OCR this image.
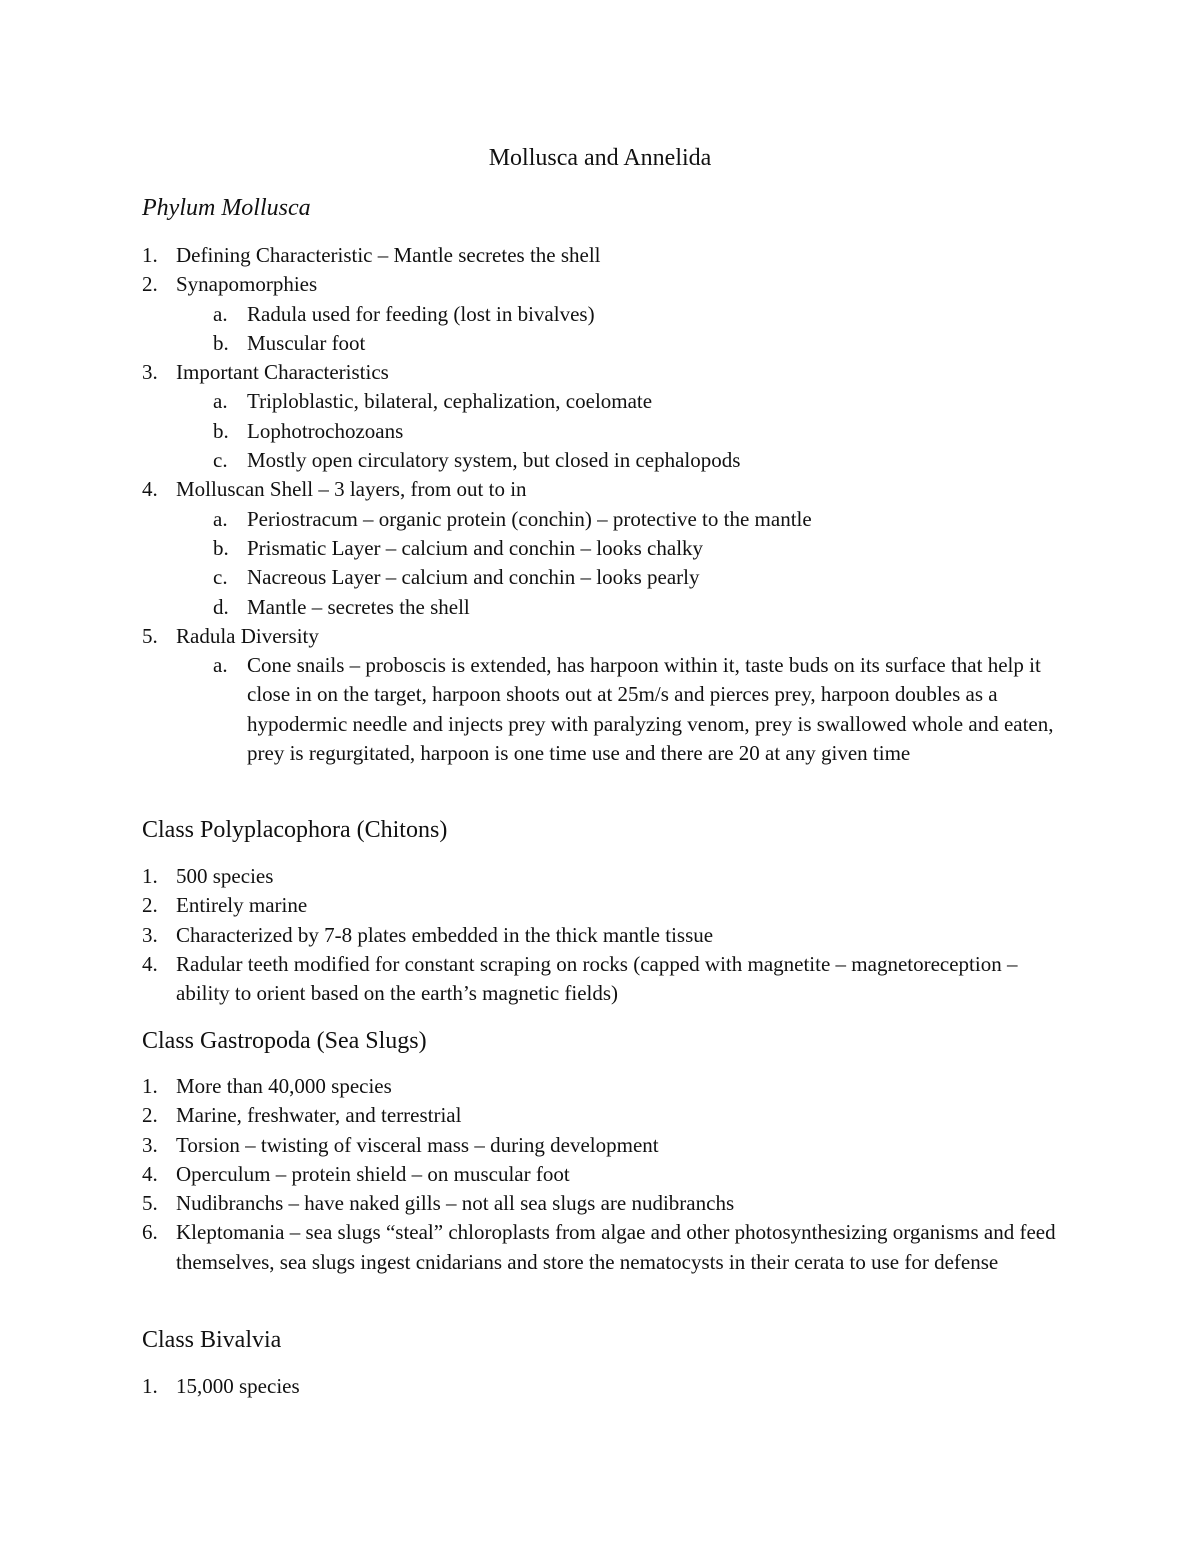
Mollusca and Annelida
Phylum Mollusca
1. Defining Characteristic – Mantle secretes the shell
2. Synapomorphies
a. Radula used for feeding (lost in bivalves)
b. Muscular foot
3. Important Characteristics
a. Triploblastic, bilateral, cephalization, coelomate
b. Lophotrochozoans
c. Mostly open circulatory system, but closed in cephalopods
4. Molluscan Shell – 3 layers, from out to in
a. Periostracum – organic protein (conchin) – protective to the mantle
b. Prismatic Layer – calcium and conchin – looks chalky
c. Nacreous Layer – calcium and conchin – looks pearly
d. Mantle – secretes the shell
5. Radula Diversity
a. Cone snails – proboscis is extended, has harpoon within it, taste buds on its surface that help it close in on the target, harpoon shoots out at 25m/s and pierces prey, harpoon doubles as a hypodermic needle and injects prey with paralyzing venom, prey is swallowed whole and eaten, prey is regurgitated, harpoon is one time use and there are 20 at any given time
Class Polyplacophora (Chitons)
1. 500 species
2. Entirely marine
3. Characterized by 7-8 plates embedded in the thick mantle tissue
4. Radular teeth modified for constant scraping on rocks (capped with magnetite – magnetoreception – ability to orient based on the earth’s magnetic fields)
Class Gastropoda (Sea Slugs)
1. More than 40,000 species
2. Marine, freshwater, and terrestrial
3. Torsion – twisting of visceral mass – during development
4. Operculum – protein shield – on muscular foot
5. Nudibranchs – have naked gills – not all sea slugs are nudibranchs
6. Kleptomania – sea slugs “steal” chloroplasts from algae and other photosynthesizing organisms and feed themselves, sea slugs ingest cnidarians and store the nematocysts in their cerata to use for defense
Class Bivalvia
1. 15,000 species
